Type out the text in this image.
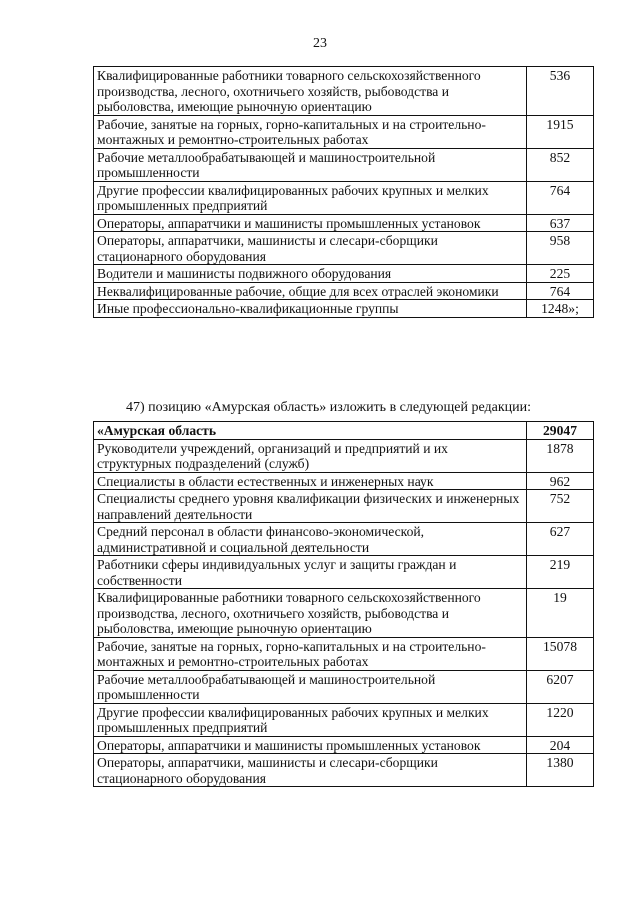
23
Квалифицированные работники товарного сельскохозяйственного производства, лесного, охотничьего хозяйств, рыбоводства и рыболовства, имеющие рыночную ориентацию	536
Рабочие, занятые на горных, горно-капитальных и на строительно-монтажных и ремонтно-строительных работах	1915
Рабочие металлообрабатывающей и машиностроительной промышленности	852
Другие профессии квалифицированных рабочих крупных и мелких промышленных предприятий	764
Операторы, аппаратчики и машинисты промышленных установок	637
Операторы, аппаратчики, машинисты и слесари-сборщики стационарного оборудования	958
Водители и машинисты подвижного оборудования	225
Неквалифицированные рабочие, общие для всех отраслей экономики	764
Иные профессионально-квалификационные группы	1248»;
47) позицию «Амурская область» изложить в следующей редакции:
«Амурская область	29047
Руководители учреждений, организаций и предприятий и их структурных подразделений (служб)	1878
Специалисты в области естественных и инженерных наук	962
Специалисты среднего уровня квалификации физических и инженерных направлений деятельности	752
Средний персонал в области финансово-экономической, административной и социальной деятельности	627
Работники сферы индивидуальных услуг и защиты граждан и собственности	219
Квалифицированные работники товарного сельскохозяйственного производства, лесного, охотничьего хозяйств, рыбоводства и рыболовства, имеющие рыночную ориентацию	19
Рабочие, занятые на горных, горно-капитальных и на строительно-монтажных и ремонтно-строительных работах	15078
Рабочие металлообрабатывающей и машиностроительной промышленности	6207
Другие профессии квалифицированных рабочих крупных и мелких промышленных предприятий	1220
Операторы, аппаратчики и машинисты промышленных установок	204
Операторы, аппаратчики, машинисты и слесари-сборщики стационарного оборудования	1380
